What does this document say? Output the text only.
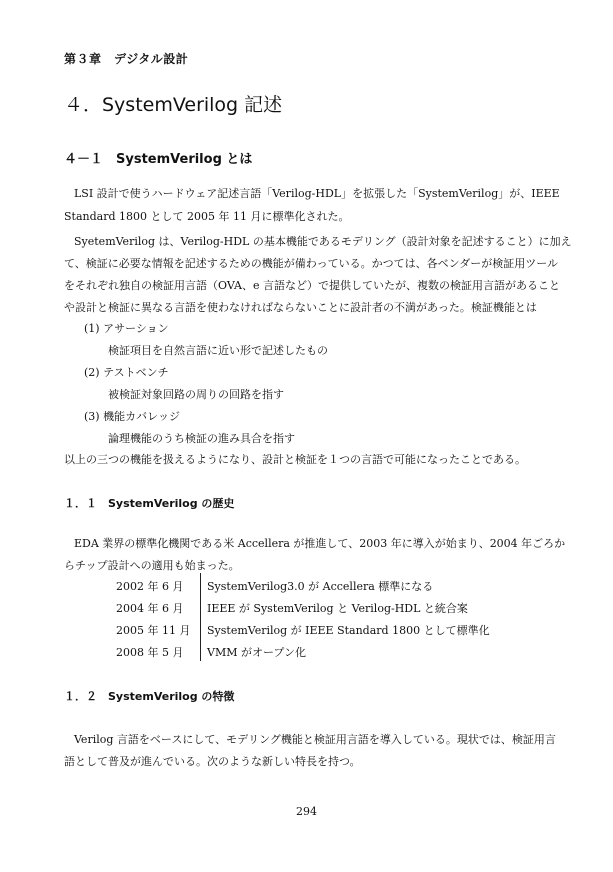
第３章　デジタル設計
４．SystemVerilog 記述
４－１　SystemVerilog とは
LSI 設計で使うハードウェア記述言語「Verilog-HDL」を拡張した「SystemVerilog」が、IEEE
Standard 1800 として 2005 年 11 月に標準化された。
SyetemVerilog は、Verilog-HDL の基本機能であるモデリング（設計対象を記述すること）に加え
て、検証に必要な情報を記述するための機能が備わっている。かつては、各ベンダーが検証用ツール
をそれぞれ独自の検証用言語（OVA、e 言語など）で提供していたが、複数の検証用言語があること
や設計と検証に異なる言語を使わなければならないことに設計者の不満があった。検証機能とは
(1) アサーション
検証項目を自然言語に近い形で記述したもの
(2) テストベンチ
被検証対象回路の周りの回路を指す
(3) 機能カバレッジ
論理機能のうち検証の進み具合を指す
以上の三つの機能を扱えるようになり、設計と検証を１つの言語で可能になったことである。
１．１　SystemVerilog の歴史
EDA 業界の標準化機関である米 Accellera が推進して、2003 年に導入が始まり、2004 年ごろか
らチップ設計への適用も始まった。
2002 年 6 月 SystemVerilog3.0 が Accellera 標準になる
2004 年 6 月 IEEE が SystemVerilog と Verilog-HDL と統合案
2005 年 11 月 SystemVerilog が IEEE Standard 1800 として標準化
2008 年 5 月 VMM がオープン化
１．２　SystemVerilog の特徴
Verilog 言語をベースにして、モデリング機能と検証用言語を導入している。現状では、検証用言
語として普及が進んでいる。次のような新しい特長を持つ。
294
